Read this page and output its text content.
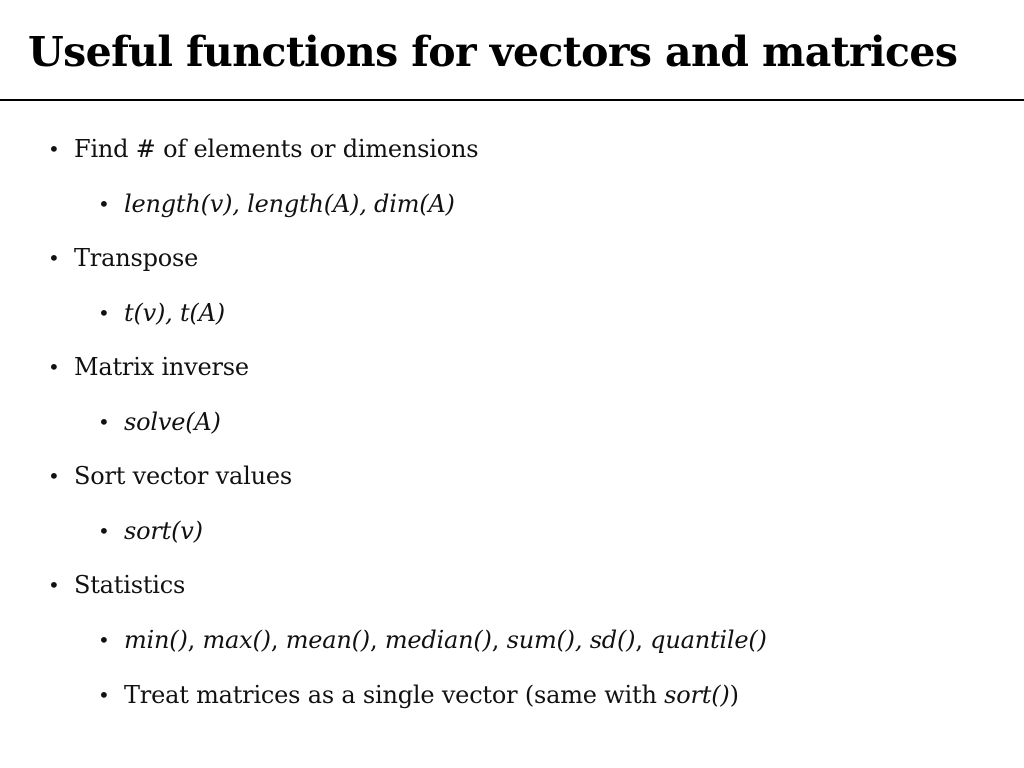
Useful functions for vectors and matrices
• Find # of elements or dimensions
• length(v), length(A), dim(A)
• Transpose
• t(v), t(A)
• Matrix inverse
• solve(A)
• Sort vector values
• sort(v)
• Statistics
• min(), max(), mean(), median(), sum(), sd(), quantile()
• Treat matrices as a single vector (same with sort())
